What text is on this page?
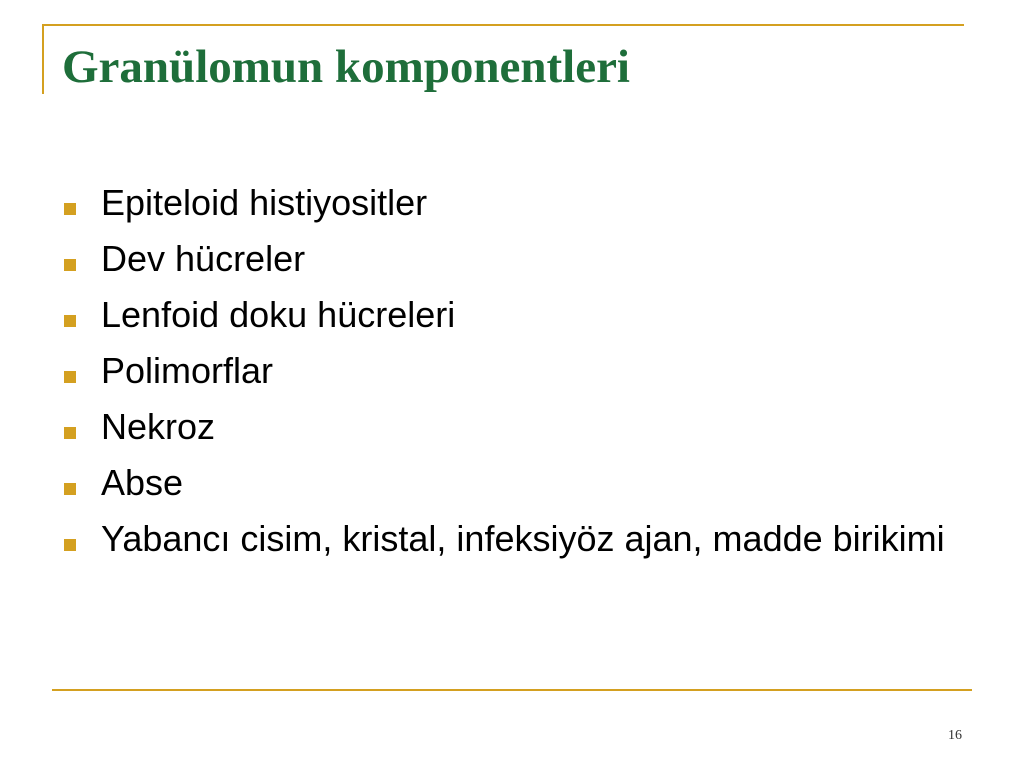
Granülomun komponentleri
Epiteloid histiyositler
Dev hücreler
Lenfoid doku hücreleri
Polimorflar
Nekroz
Abse
Yabancı cisim, kristal, infeksiyöz ajan, madde birikimi
16
